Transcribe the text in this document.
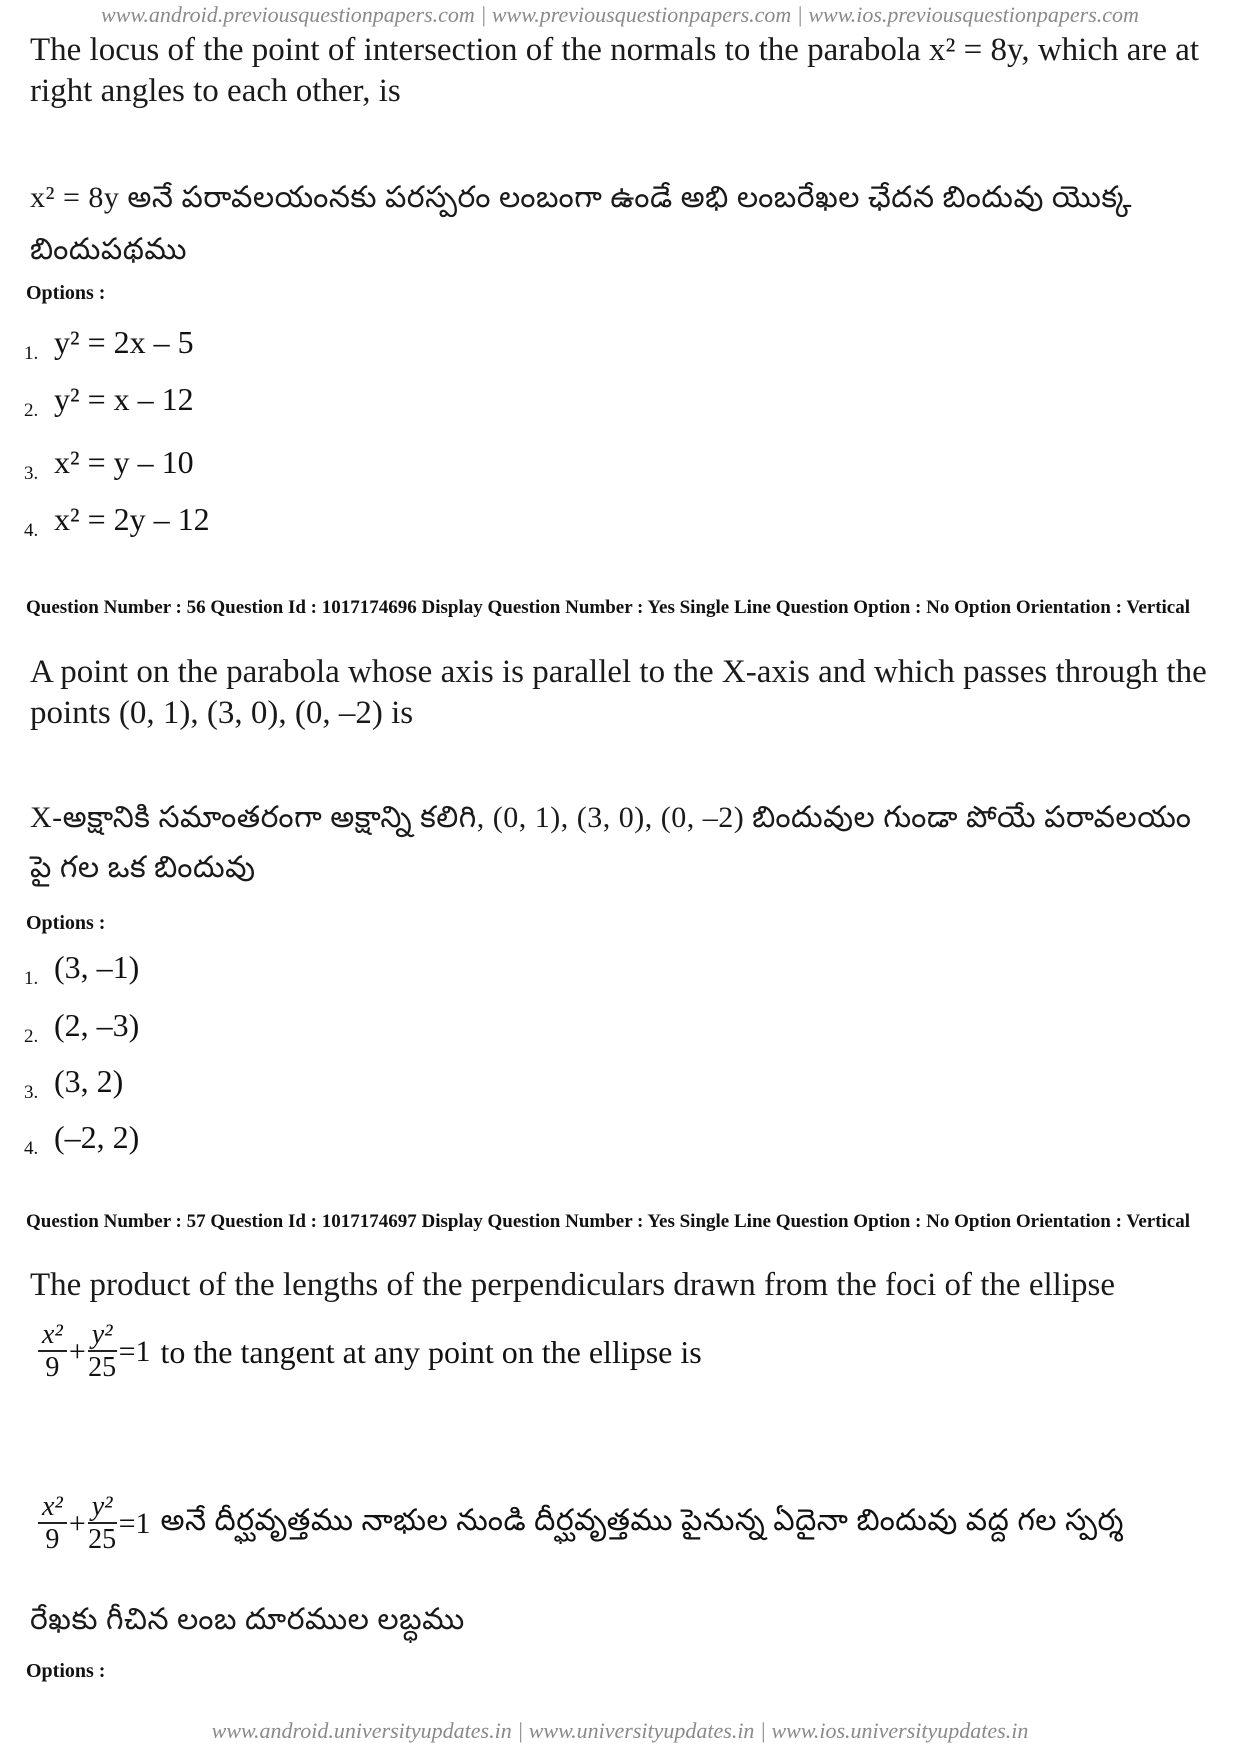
www.android.previousquestionpapers.com | www.previousquestionpapers.com | www.ios.previousquestionpapers.com
The locus of the point of intersection of the normals to the parabola x² = 8y, which are at right angles to each other, is
x² = 8y అనే పరావలయంనకు పరస్పరం లంబంగా ఉండే అభి లంబరేఖల ఛేదన బిందువు యొక్క
బిందుపథము
Options :
1. y² = 2x – 5
2. y² = x – 12
3. x² = y – 10
4. x² = 2y – 12
Question Number : 56 Question Id : 1017174696 Display Question Number : Yes Single Line Question Option : No Option Orientation : Vertical
A point on the parabola whose axis is parallel to the X-axis and which passes through the points (0, 1), (3, 0), (0, –2) is
X-అక్షానికి సమాంతరంగా అక్షాన్ని కలిగి, (0, 1), (3, 0), (0, –2) బిందువుల గుండా పోయే పరావలయం
పై గల ఒక బిందువు
Options :
1. (3, –1)
2. (2, –3)
3. (3, 2)
4. (–2, 2)
Question Number : 57 Question Id : 1017174697 Display Question Number : Yes Single Line Question Option : No Option Orientation : Vertical
The product of the lengths of the perpendiculars drawn from the foci of the ellipse
$\frac{\text{x²}}{9} + \frac{\text{y²}}{25} =1$ to the tangent at any point on the ellipse is
$\frac{\text{x²}}{9} + \frac{\text{y²}}{25} =1$ అనే దీర్ఘవృత్తము నాభుల నుండి దీర్ఘవృత్తము పైనున్న ఏదైనా బిందువు వద్ద గల స్పర్శ
రేఖకు గీచిన లంబ దూరముల లబ్ధము
Options :
www.android.universityupdates.in | www.universityupdates.in | www.ios.universityupdates.in
